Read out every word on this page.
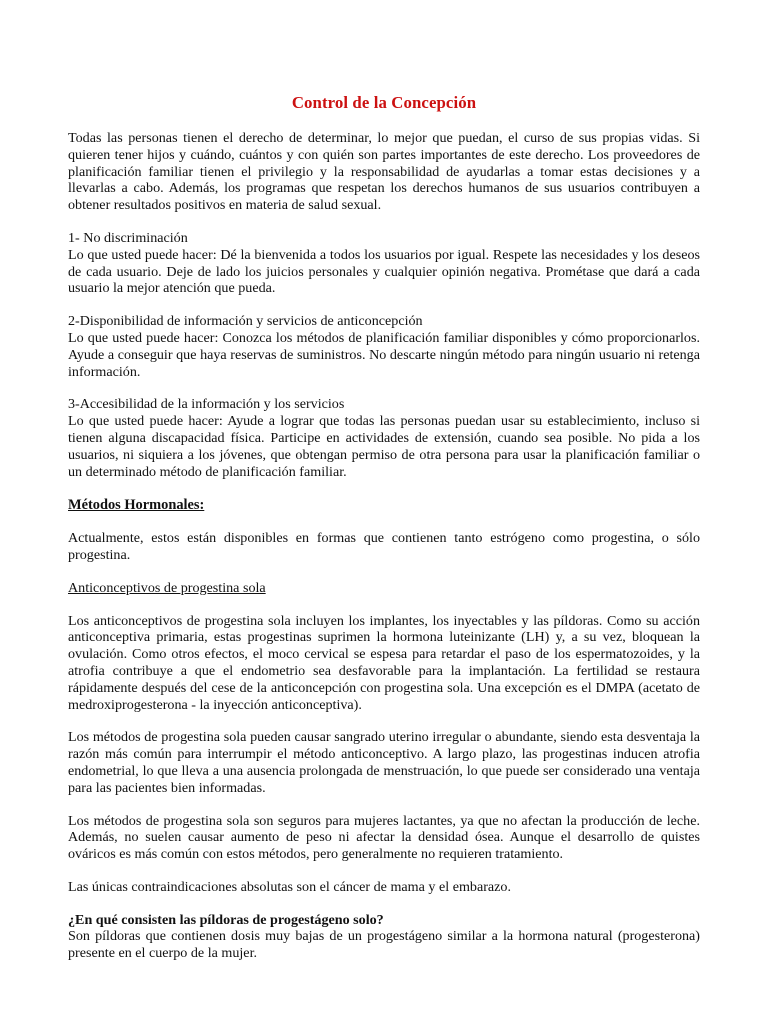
Control de la Concepción

Todas las personas tienen el derecho de determinar, lo mejor que puedan, el curso de sus propias vidas. Si quieren tener hijos y cuándo, cuántos y con quién son partes importantes de este derecho. Los proveedores de planificación familiar tienen el privilegio y la responsabilidad de ayudarlas a tomar estas decisiones y a llevarlas a cabo. Además, los programas que respetan los derechos humanos de sus usuarios contribuyen a obtener resultados positivos en materia de salud sexual.

1- No discriminación

Lo que usted puede hacer: Dé la bienvenida a todos los usuarios por igual. Respete las necesidades y los deseos de cada usuario. Deje de lado los juicios personales y cualquier opinión negativa. Prométase que dará a cada usuario la mejor atención que pueda.

2-Disponibilidad de información y servicios de anticoncepción

Lo que usted puede hacer: Conozca los métodos de planificación familiar disponibles y cómo proporcionarlos. Ayude a conseguir que haya reservas de suministros. No descarte ningún método para ningún usuario ni retenga información.

3-Accesibilidad de la información y los servicios

Lo que usted puede hacer: Ayude a lograr que todas las personas puedan usar su establecimiento, incluso si tienen alguna discapacidad física. Participe en actividades de extensión, cuando sea posible. No pida a los usuarios, ni siquiera a los jóvenes, que obtengan permiso de otra persona para usar la planificación familiar o un determinado método de planificación familiar.

Métodos Hormonales:

Actualmente, estos están disponibles en formas que contienen tanto estrógeno como progestina, o sólo progestina.

Anticonceptivos de progestina sola

Los anticonceptivos de progestina sola incluyen los implantes, los inyectables y las píldoras. Como su acción anticonceptiva primaria, estas progestinas suprimen la hormona luteinizante (LH) y, a su vez, bloquean la ovulación. Como otros efectos, el moco cervical se espesa para retardar el paso de los espermatozoides, y la atrofia contribuye a que el endometrio sea desfavorable para la implantación. La fertilidad se restaura rápidamente después del cese de la anticoncepción con progestina sola. Una excepción es el DMPA (acetato de medroxiprogesterona - la inyección anticonceptiva).

Los métodos de progestina sola pueden causar sangrado uterino irregular o abundante, siendo esta desventaja la razón más común para interrumpir el método anticonceptivo. A largo plazo, las progestinas inducen atrofia endometrial, lo que lleva a una ausencia prolongada de menstruación, lo que puede ser considerado una ventaja para las pacientes bien informadas.

Los métodos de progestina sola son seguros para mujeres lactantes, ya que no afectan la producción de leche. Además, no suelen causar aumento de peso ni afectar la densidad ósea. Aunque el desarrollo de quistes ováricos es más común con estos métodos, pero generalmente no requieren tratamiento.

Las únicas contraindicaciones absolutas son el cáncer de mama y el embarazo.

¿En qué consisten las píldoras de progestágeno solo?

Son píldoras que contienen dosis muy bajas de un progestágeno similar a la hormona natural (progesterona) presente en el cuerpo de la mujer.
